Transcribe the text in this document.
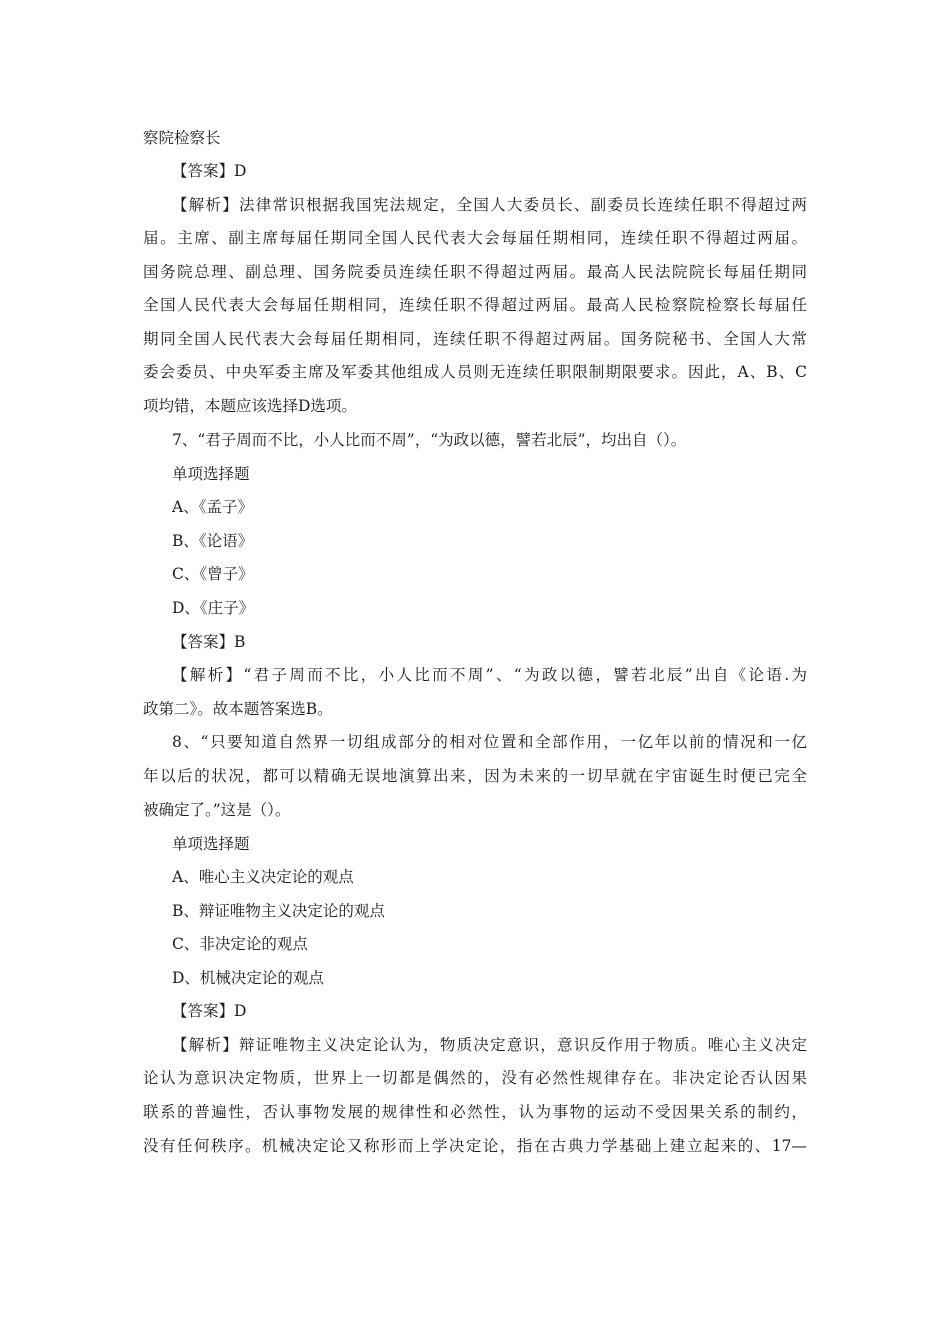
察院检察长
【答案】D
【解析】法律常识根据我国宪法规定，全国人大委员长、副委员长连续任职不得超过两
届。主席、副主席每届任期同全国人民代表大会每届任期相同，连续任职不得超过两届。
国务院总理、副总理、国务院委员连续任职不得超过两届。最高人民法院院长每届任期同
全国人民代表大会每届任期相同，连续任职不得超过两届。最高人民检察院检察长每届任
期同全国人民代表大会每届任期相同，连续任职不得超过两届。国务院秘书、全国人大常
委会委员、中央军委主席及军委其他组成人员则无连续任职限制期限要求。因此，A、B、C
项均错，本题应该选择D选项。
7、“君子周而不比，小人比而不周”，“为政以德，譬若北辰”，均出自（）。
单项选择题
A、《孟子》
B、《论语》
C、《曾子》
D、《庄子》
【答案】B
【解析】“君子周而不比，小人比而不周”、“为政以德，譬若北辰”出自《论语.为
政第二》。故本题答案选B。
8、“只要知道自然界一切组成部分的相对位置和全部作用，一亿年以前的情况和一亿
年以后的状况，都可以精确无误地演算出来，因为未来的一切早就在宇宙诞生时便已完全
被确定了。”这是（）。
单项选择题
A、唯心主义决定论的观点
B、辩证唯物主义决定论的观点
C、非决定论的观点
D、机械决定论的观点
【答案】D
【解析】辩证唯物主义决定论认为，物质决定意识，意识反作用于物质。唯心主义决定
论认为意识决定物质，世界上一切都是偶然的，没有必然性规律存在。非决定论否认因果
联系的普遍性，否认事物发展的规律性和必然性，认为事物的运动不受因果关系的制约，
没有任何秩序。机械决定论又称形而上学决定论，指在古典力学基础上建立起来的、17—
